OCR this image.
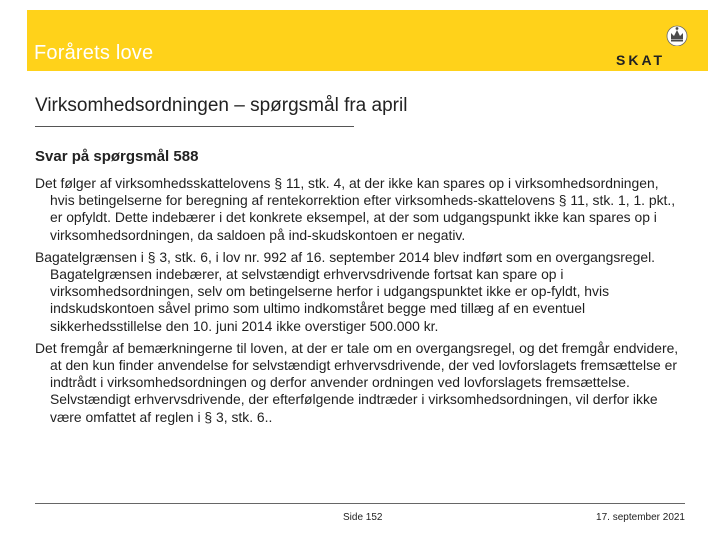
Forårets love	SKAT
Virksomhedsordningen – spørgsmål fra april
Svar på spørgsmål 588

Det følger af virksomhedsskattelovens § 11, stk. 4, at der ikke kan spares op i virksomhedsordningen, hvis betingelserne for beregning af rentekorrektion efter virksomheds-skattelovens § 11, stk. 1, 1. pkt., er opfyldt. Dette indebærer i det konkrete eksempel, at der som udgangspunkt ikke kan spares op i virksomhedsordningen, da saldoen på ind-skudskontoen er negativ.

Bagatelgrænsen i § 3, stk. 6, i lov nr. 992 af 16. september 2014 blev indført som en overgangsregel. Bagatelgrænsen indebærer, at selvstændigt erhvervsdrivende fortsat kan spare op i virksomhedsordningen, selv om betingelserne herfor i udgangspunktet ikke er op-fyldt, hvis indskudskontoen såvel primo som ultimo indkomståret begge med tillæg af en eventuel sikkerhedsstillelse den 10. juni 2014 ikke overstiger 500.000 kr.

Det fremgår af bemærkningerne til loven, at der er tale om en overgangsregel, og det fremgår endvidere, at den kun finder anvendelse for selvstændigt erhvervsdrivende, der ved lovforslagets fremsættelse er indtrådt i virksomhedsordningen og derfor anvender ordningen ved lovforslagets fremsættelse. Selvstændigt erhvervsdrivende, der efterfølgende indtræder i virksomhedsordningen, vil derfor ikke være omfattet af reglen i § 3, stk. 6..

Side 152	17. september 2021
